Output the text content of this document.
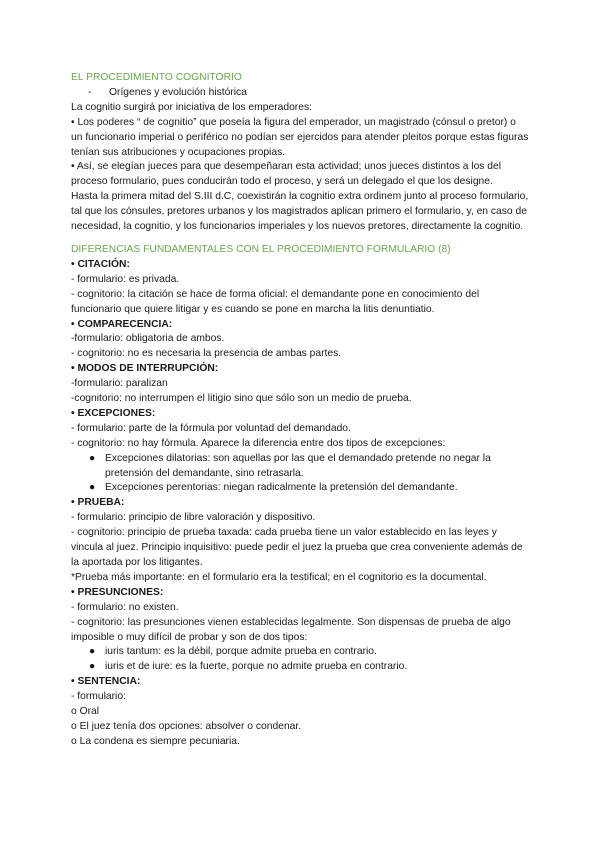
EL PROCEDIMIENTO COGNITORIO

-	Orígenes y evolución histórica

La cognitio surgirá por iniciativa de los emperadores:

• Los poderes “ de cognitio” que poseía la figura del emperador, un magistrado (cónsul o pretor) o un funcionario imperial o periférico no podían ser ejercidos para atender pleitos porque estas figuras tenían sus atribuciones y ocupaciones propias.

• Así, se elegían jueces para que desempeñaran esta actividad; unos jueces distintos a los del proceso formulario, pues conducirán todo el proceso, y será un delegado el que los designe.

Hasta la primera mitad del S.III d.C, coexistirán la cognitio extra ordinem junto al proceso formulario, tal que los cónsules, pretores urbanos y los magistrados aplican primero el formulario, y, en caso de necesidad, la cognitio, y los funcionarios imperiales y los nuevos pretores, directamente la cognitio.

DIFERENCIAS FUNDAMENTALES CON EL PROCEDIMIENTO FORMULARIO (8)

• CITACIÓN:

- formulario: es privada.

- cognitorio: la citación se hace de forma oficial: el demandante pone en conocimiento del funcionario que quiere litigar y es cuando se pone en marcha la litis denuntiatio.

• COMPARECENCIA:

-formulario: obligatoria de ambos.

- cognitorio: no es necesaria la presencia de ambas partes.

• MODOS DE INTERRUPCIÓN:

-formulario: paralizan

-cognitorio: no interrumpen el litigio sino que sólo son un medio de prueba.

• EXCEPCIONES:

- formulario: parte de la fórmula por voluntad del demandado.

- cognitorio: no hay fórmula. Aparece la diferencia entre dos tipos de excepciones:

● Excepciones dilatorias: son aquellas por las que el demandado pretende no negar la pretensión del demandante, sino retrasarla.
● Excepciones perentorias: niegan radicalmente la pretensión del demandante.

• PRUEBA:

- formulario: principio de libre valoración y dispositivo.

- cognitorio: principio de prueba taxada: cada prueba tiene un valor establecido en las leyes y vincula al juez. Principio inquisitivo: puede pedir el juez la prueba que crea conveniente además de la aportada por los litigantes.

*Prueba más importante: en el formulario era la testifical; en el cognitorio es la documental.

• PRESUNCIONES:

- formulario: no existen.

- cognitorio: las presunciones vienen establecidas legalmente. Son dispensas de prueba de algo imposible o muy difícil de probar y son de dos tipos:

● iuris tantum: es la débil, porque admite prueba en contrario.
● iuris et de iure: es la fuerte, porque no admite prueba en contrario.

• SENTENCIA:

- formulario:

o Oral

o El juez tenía dos opciones: absolver o condenar.

o La condena es siempre pecuniaria.
